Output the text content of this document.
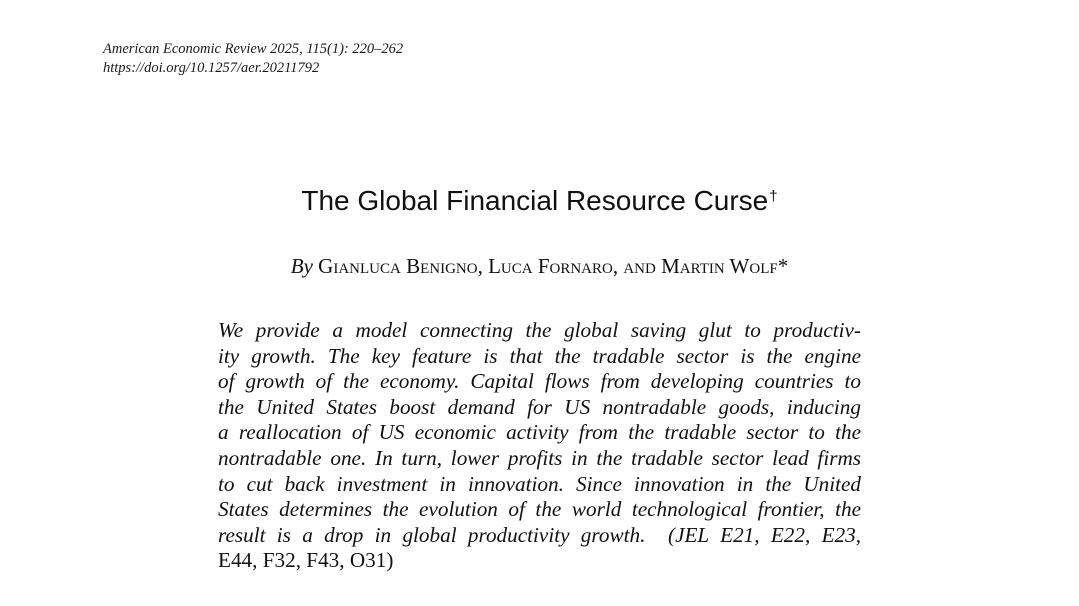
American Economic Review 2025, 115(1): 220–262
https://doi.org/10.1257/aer.20211792
The Global Financial Resource Curse†
By Gianluca Benigno, Luca Fornaro, and Martin Wolf*
We provide a model connecting the global saving glut to productiv-
ity growth. The key feature is that the tradable sector is the engine
of growth of the economy. Capital flows from developing countries to
the United States boost demand for US nontradable goods, inducing
a reallocation of US economic activity from the tradable sector to the
nontradable one. In turn, lower profits in the tradable sector lead firms
to cut back investment in innovation. Since innovation in the United
States determines the evolution of the world technological frontier, the
result is a drop in global productivity growth. (JEL E21, E22, E23,
E44, F32, F43, O31)
